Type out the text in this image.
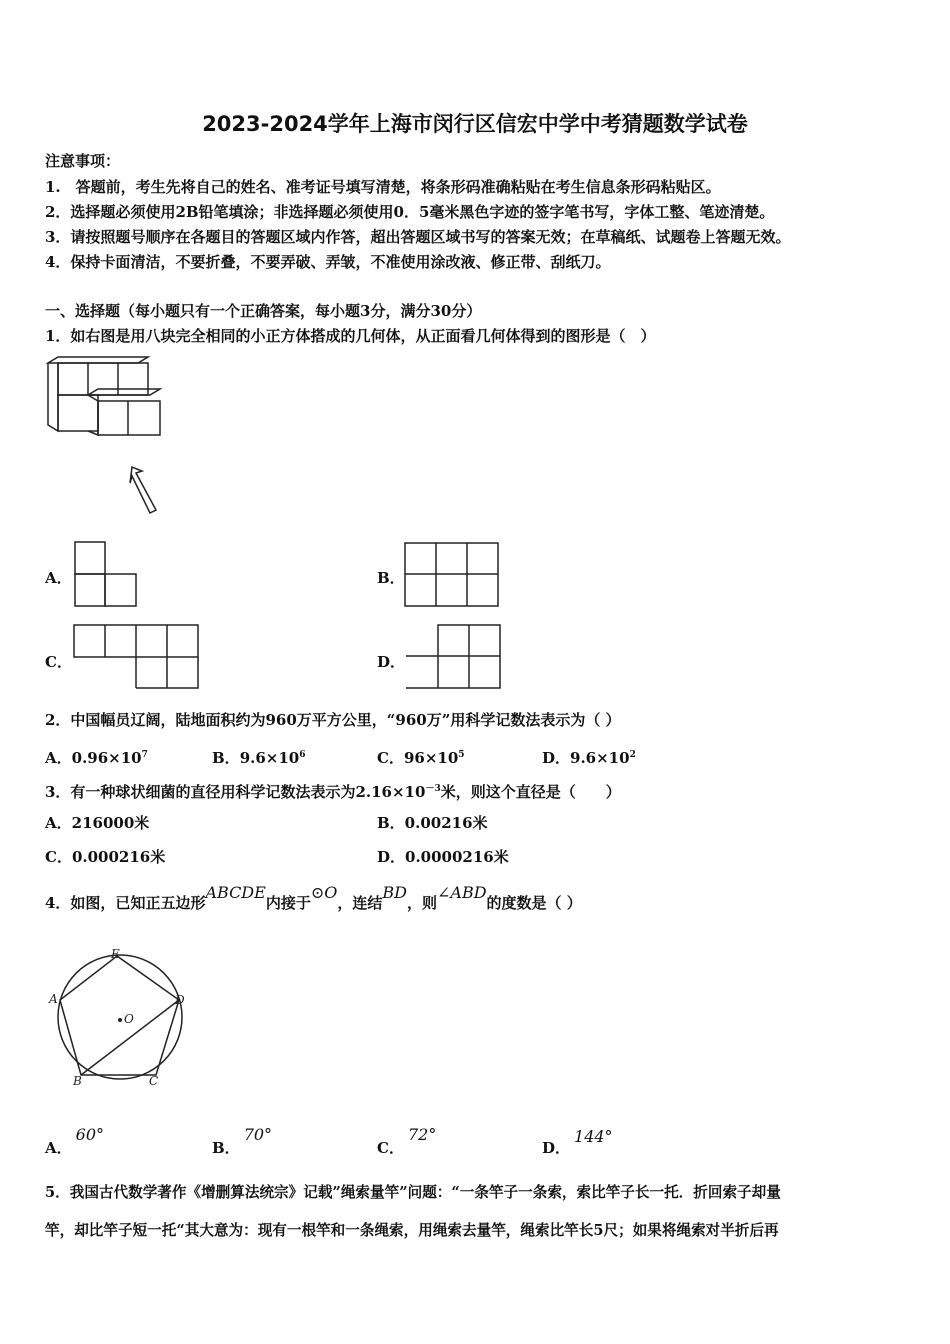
2023-2024学年上海市闵行区信宏中学中考猜题数学试卷
注意事项：
1.　答题前，考生先将自己的姓名、准考证号填写清楚，将条形码准确粘贴在考生信息条形码粘贴区。
2．选择题必须使用2B铅笔填涂；非选择题必须使用0．5毫米黑色字迹的签字笔书写，字体工整、笔迹清楚。
3．请按照题号顺序在各题目的答题区域内作答，超出答题区域书写的答案无效；在草稿纸、试题卷上答题无效。
4．保持卡面清洁，不要折叠，不要弄破、弄皱，不准使用涂改液、修正带、刮纸刀。
一、选择题（每小题只有一个正确答案，每小题3分，满分30分）
1．如右图是用八块完全相同的小正方体搭成的几何体，从正面看几何体得到的图形是（　）
A．	B．
C．	D．
2．中国幅员辽阔，陆地面积约为960万平方公里，“960万”用科学记数法表示为（ ）
A．$0.96\times 10^7$	B．$9.6\times 10^6$	C．$96\times 10^5$	D．$9.6\times 10^2$
3．有一种球状细菌的直径用科学记数法表示为$2.16\times 10^{-3}$米，则这个直径是（　　）
A．216000米	B．0.00216米
C．0.000216米	D．0.0000216米
4．如图，已知正五边形ABCDE内接于⊙O，连结BD，则∠ABD的度数是（ ）
E
A	D
B	C
O
A．60°
B．70°
C．72°
D．144°
5．我国古代数学著作《增删算法统宗》记载”绳索量竿”问题：“一条竿子一条索，索比竿子长一托．折回索子却量
竿，却比竿子短一托“其大意为：现有一根竿和一条绳索，用绳索去量竿，绳索比竿长5尺；如果将绳索对半折后再
